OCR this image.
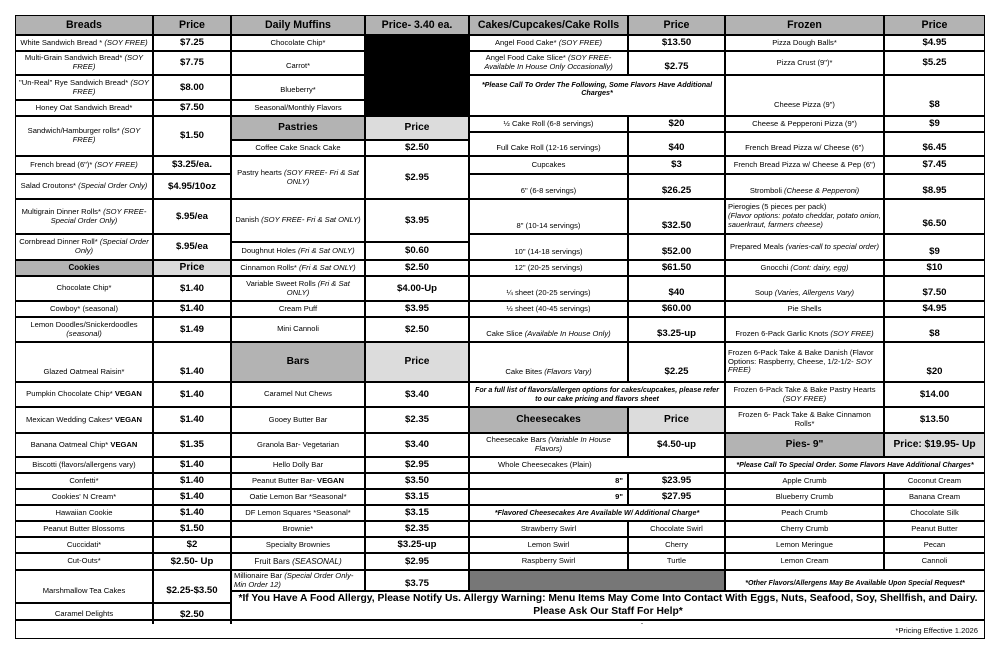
Breads	Price
White Sandwich Bread * (SOY FREE)	$7.25
Multi-Grain Sandwich Bread* (SOY FREE)	$7.75
"Un-Real" Rye Sandwich Bread* (SOY FREE)	$8.00
Honey Oat Sandwich Bread*	$7.50
Sandwich/Hamburger rolls* (SOY FREE)	$1.50
French bread (6")* (SOY FREE)	$3.25/ea.
Salad Croutons* (Special Order Only) $4.95/10oz
Multigrain Dinner Rolls* (SOY FREE- Special Order Only)	$.95/ea
Cornbread Dinner Roll* (Special Order Only)	$.95/ea
Cookies	Price
Chocolate Chip*	$1.40
Cowboy* (seasonal)	$1.40
Lemon Doodles/Snickerdoodles (seasonal)	$1.49
Glazed Oatmeal Raisin*	$1.40
Pumpkin Chocolate Chip* VEGAN	$1.40
Mexican Wedding Cakes* VEGAN	$1.40
Banana Oatmeal Chip* VEGAN	$1.35
Biscotti (flavors/allergens vary)	$1.40
Confetti*	$1.40
Cookies' N Cream*	$1.40
Hawaiian Cookie	$1.40
Peanut Butter Blossoms	$1.50
Cuccidati*	$2
Cut-Outs*	$2.50- Up
Marshmallow Tea Cakes	$2.25-$3.50
Caramel Delights	$2.50
Daily Muffins	Price- 3.40 ea.
Chocolate Chip*
Carrot*
Blueberry*
Seasonal/Monthly Flavors
Pastries	Price
Coffee Cake Snack Cake	$2.50
Pastry hearts (SOY FREE- Fri & Sat ONLY)	$2.95
Danish (SOY FREE- Fri & Sat ONLY)	$3.95
Doughnut Holes (Fri & Sat ONLY)	$0.60
Cinnamon Rolls* (Fri & Sat ONLY)	$2.50
Variable Sweet Rolls (Fri & Sat ONLY)	$4.00-Up
Cream Puff	$3.95
Mini Cannoli	$2.50
Bars	Price
Caramel Nut Chews	$3.40
Gooey Butter Bar	$2.35
Granola Bar- Vegetarian	$3.40
Hello Dolly Bar	$2.95
Peanut Butter Bar- VEGAN	$3.50
Oatie Lemon Bar *Seasonal*	$3.15
DF Lemon Squares *Seasonal*	$3.15
Brownie*	$2.35
Specialty Brownies	$3.25-up
Fruit Bars (SEASONAL)	$2.95
Millionaire Bar (Special Order Only- Min Order 12)	$3.75
Cakes/Cupcakes/Cake Rolls	Price
Angel Food Cake* (SOY FREE)	$13.50
Angel Food Cake Slice* (SOY FREE- Available In House Only Occasionally)	$2.75
*Please Call To Order The Following, Some Flavors Have Additional Charges*
½ Cake Roll (6-8 servings)	$20
Full Cake Roll (12-16 servings)	$40
Cupcakes	$3
6" (6-8 servings)	$26.25
8" (10-14 servings)	$32.50
10" (14-18 servings)	$52.00
12" (20-25 servings)	$61.50
¼ sheet (20-25 servings)	$40
½ sheet (40-45 servings)	$60.00
Cake Slice (Available In House Only)	$3.25-up
Cake Bites (Flavors Vary)	$2.25
For a full list of flavors/allergen options for cakes/cupcakes, please refer to our cake pricing and flavors sheet
Cheesecakes	Price
Cheesecake Bars (Variable In House Flavors)	$4.50-up
Whole Cheesecakes (Plain)
8"	$23.95
9"	$27.95
*Flavored Cheesecakes Are Available W/ Additional Charge*
Strawberry Swirl	Chocolate Swirl
Lemon Swirl	Cherry
Raspberry Swirl	Turtle
Frozen	Price
Pizza Dough Balls*	$4.95
Pizza Crust (9")*	$5.25
Cheese Pizza (9")	$8
Cheese & Pepperoni Pizza (9")	$9
French Bread Pizza w/ Cheese (6")	$6.45
French Bread Pizza w/ Cheese & Pep (6")	$7.45
Stromboli (Cheese & Pepperoni)	$8.95
Pierogies (5 pieces per pack)
(Flavor options: potato cheddar, potato onion, sauerkraut, farmers cheese)	$6.50
Prepared Meals (varies-call to special order)	$9
Gnocchi (Cont: dairy, egg)	$10
Soup (Varies, Allergens Vary)	$7.50
Pie Shells	$4.95
Frozen 6-Pack Garlic Knots (SOY FREE)	$8
Frozen 6-Pack Take & Bake Danish (Flavor Options: Raspberry, Cheese, 1/2-1/2- SOY FREE)	$20
Frozen 6-Pack Take & Bake Pastry Hearts (SOY FREE)	$14.00
Frozen 6- Pack Take & Bake Cinnamon Rolls*	$13.50
Pies- 9"	Price: $19.95- Up
*Please Call To Special Order. Some Flavors Have Additional Charges*
Apple Crumb	Coconut Cream
Blueberry Crumb	Banana Cream
Peach Crumb	Chocolate Silk
Cherry Crumb	Peanut Butter
Lemon Meringue	Pecan
Lemon Cream	Cannoli
*Other Flavors/Allergens May Be Available Upon Special Request*
*If You Have A Food Allergy, Please Notify Us. Allergy Warning: Menu Items May Come Into Contact With Eggs, Nuts, Seafood, Soy, Shellfish, and Dairy. Please Ask Our Staff For Help*
*Pricing Effective 1.2026
